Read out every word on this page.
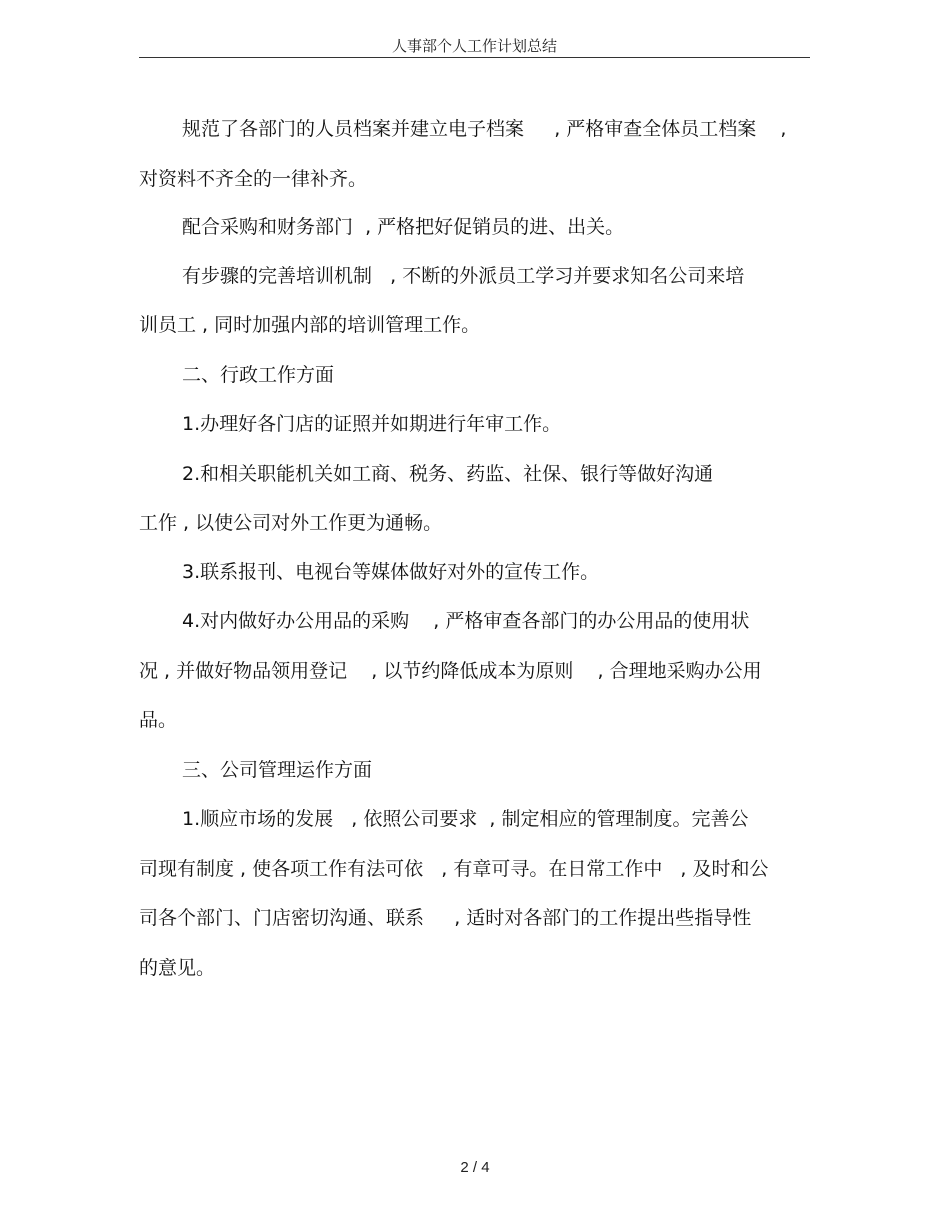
人事部个人工作计划总结
规范了各部门的人员档案并建立电子档案     , 严格审查全体员工档案    ,
对资料不齐全的一律补齐。
配合采购和财务部门  , 严格把好促销员的进、出关。
有步骤的完善培训机制   , 不断的外派员工学习并要求知名公司来培
训员工 , 同时加强内部的培训管理工作。
二、行政工作方面
1.办理好各门店的证照并如期进行年审工作。
2.和相关职能机关如工商、税务、药监、社保、银行等做好沟通
工作 , 以使公司对外工作更为通畅。
3.联系报刊、电视台等媒体做好对外的宣传工作。
4.对内做好办公用品的采购    , 严格审查各部门的办公用品的使用状
况 , 并做好物品领用登记    , 以节约降低成本为原则    , 合理地采购办公用
品。
三、公司管理运作方面
1.顺应市场的发展   , 依照公司要求  , 制定相应的管理制度。完善公
司现有制度 , 使各项工作有法可依   , 有章可寻。在日常工作中   , 及时和公
司各个部门、门店密切沟通、联系     , 适时对各部门的工作提出些指导性
的意见。
2 / 4
